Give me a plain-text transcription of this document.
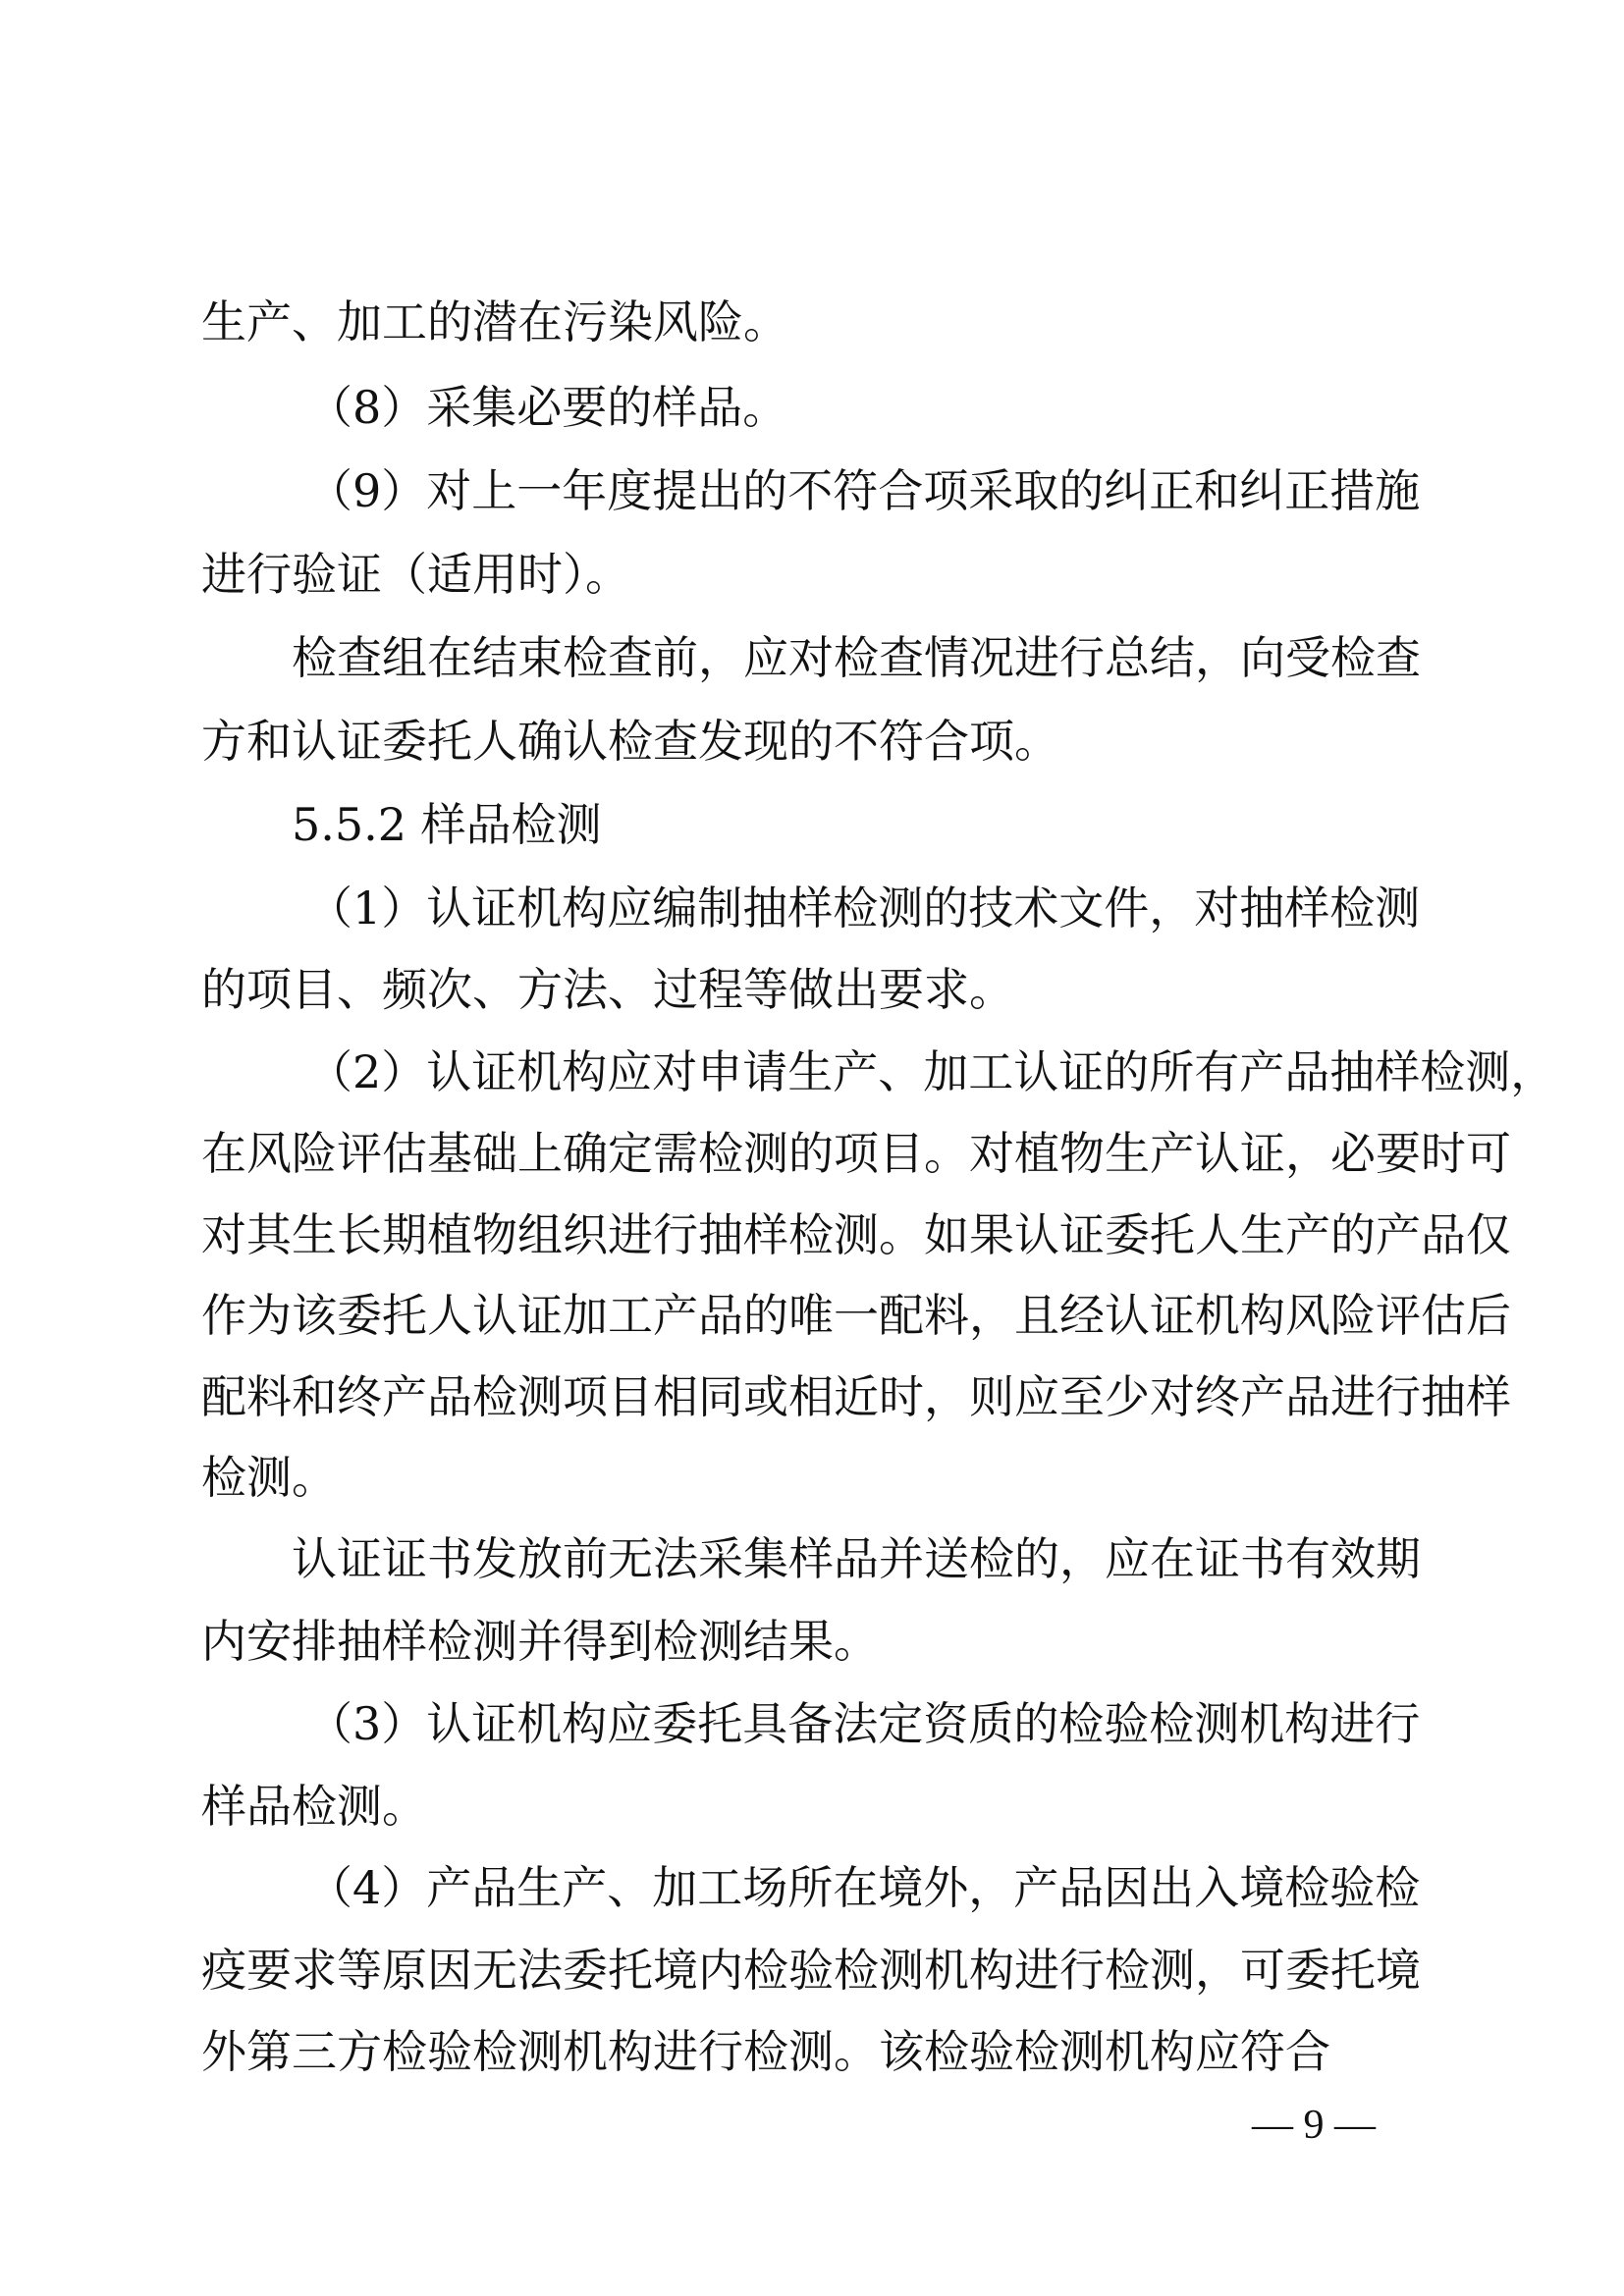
生产、加工的潜在污染风险。

（8）采集必要的样品。

（9）对上一年度提出的不符合项采取的纠正和纠正措施

进行验证（适用时）。

检查组在结束检查前，应对检查情况进行总结，向受检查

方和认证委托人确认检查发现的不符合项。

5.5.2 样品检测

（1）认证机构应编制抽样检测的技术文件，对抽样检测

的项目、频次、方法、过程等做出要求。

（2）认证机构应对申请生产、加工认证的所有产品抽样检测，

在风险评估基础上确定需检测的项目。对植物生产认证，必要时可

对其生长期植物组织进行抽样检测。如果认证委托人生产的产品仅

作为该委托人认证加工产品的唯一配料，且经认证机构风险评估后

配料和终产品检测项目相同或相近时，则应至少对终产品进行抽样

检测。

认证证书发放前无法采集样品并送检的，应在证书有效期

内安排抽样检测并得到检测结果。

（3）认证机构应委托具备法定资质的检验检测机构进行

样品检测。

（4）产品生产、加工场所在境外，产品因出入境检验检

疫要求等原因无法委托境内检验检测机构进行检测，可委托境

外第三方检验检测机构进行检测。该检验检测机构应符合

— 9 —
